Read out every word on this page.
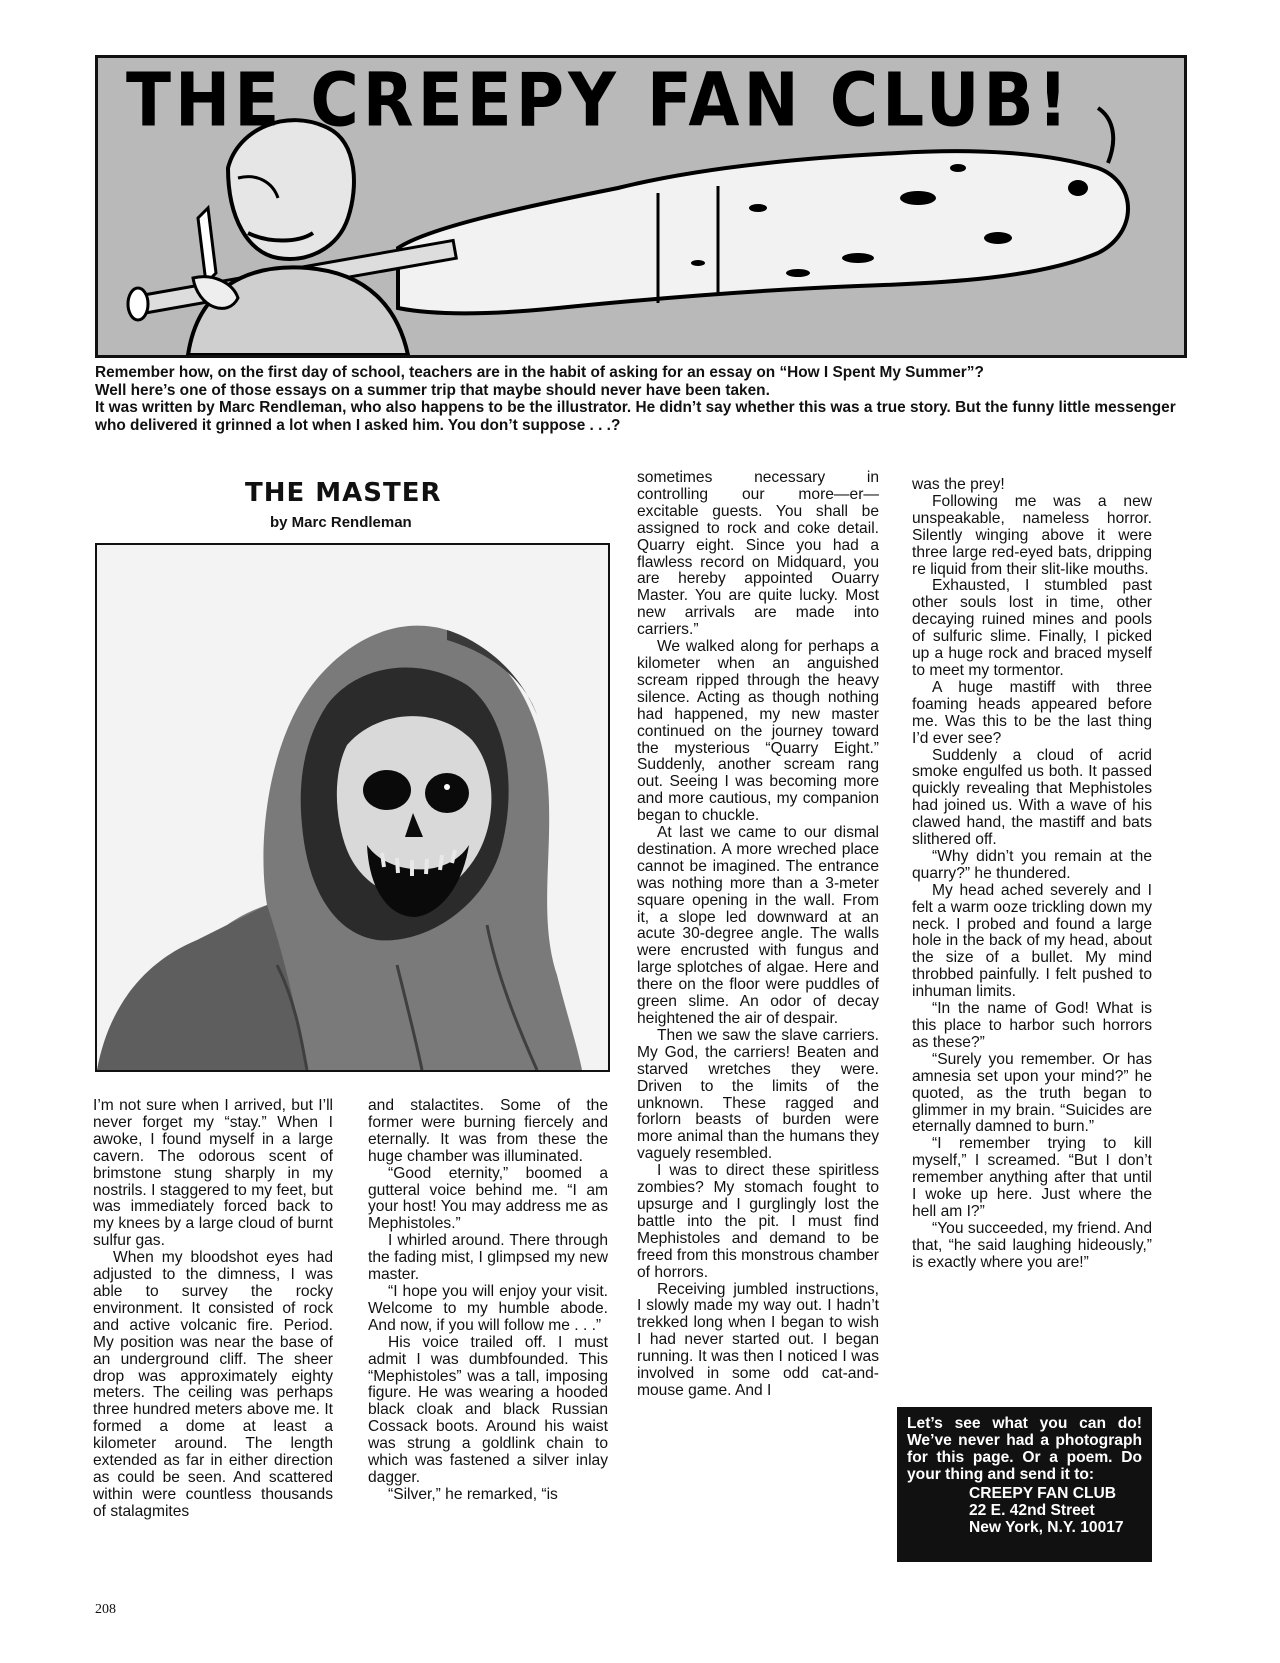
THE CREEPY FAN CLUB!

Remember how, on the first day of school, teachers are in the habit of asking for an essay on “How I Spent My Summer”?

Well here’s one of those essays on a summer trip that maybe should never have been taken.

It was written by Marc Rendleman, who also happens to be the illustrator. He didn’t say whether this was a true story. But the funny little messenger who delivered it grinned a lot when I asked him. You don’t suppose . . .?

THE MASTER

by Marc Rendleman

I’m not sure when I arrived, but I’ll never forget my “stay.” When I awoke, I found myself in a large cavern. The odorous scent of brimstone stung sharply in my nostrils. I staggered to my feet, but was immediately forced back to my knees by a large cloud of burnt sulfur gas.

When my bloodshot eyes had adjusted to the dimness, I was able to survey the rocky environment. It consisted of rock and active volcanic fire. Period. My position was near the base of an underground cliff. The sheer drop was approximately eighty meters. The ceiling was perhaps three hundred meters above me. It formed a dome at least a kilometer around. The length extended as far in either direction as could be seen. And scattered within were countless thousands of stalagmites

and stalactites. Some of the former were burning fiercely and eternally. It was from these the huge chamber was illuminated.

“Good eternity,” boomed a gutteral voice behind me. “I am your host! You may address me as Mephistoles.”

I whirled around. There through the fading mist, I glimpsed my new master.

“I hope you will enjoy your visit. Welcome to my humble abode. And now, if you will follow me . . .”

His voice trailed off. I must admit I was dumbfounded. This “Mephistoles” was a tall, imposing figure. He was wearing a hooded black cloak and black Russian Cossack boots. Around his waist was strung a goldlink chain to which was fastened a silver inlay dagger.

“Silver,” he remarked, “is

sometimes necessary in controlling our more—er—excitable guests. You shall be assigned to rock and coke detail. Quarry eight. Since you had a flawless record on Midquard, you are hereby appointed Ouarry Master. You are quite lucky. Most new arrivals are made into carriers.”

We walked along for perhaps a kilometer when an anguished scream ripped through the heavy silence. Acting as though nothing had happened, my new master continued on the journey toward the mysterious “Quarry Eight.” Suddenly, another scream rang out. Seeing I was becoming more and more cautious, my companion began to chuckle.

At last we came to our dismal destination. A more wreched place cannot be imagined. The entrance was nothing more than a 3-meter square opening in the wall. From it, a slope led downward at an acute 30-degree angle. The walls were encrusted with fungus and large splotches of algae. Here and there on the floor were puddles of green slime. An odor of decay heightened the air of despair.

Then we saw the slave carriers. My God, the carriers! Beaten and starved wretches they were. Driven to the limits of the unknown. These ragged and forlorn beasts of burden were more animal than the humans they vaguely resembled.

I was to direct these spiritless zombies? My stomach fought to upsurge and I gurglingly lost the battle into the pit. I must find Mephistoles and demand to be freed from this monstrous chamber of horrors.

Receiving jumbled instructions, I slowly made my way out. I hadn’t trekked long when I began to wish I had never started out. I began running. It was then I noticed I was involved in some odd cat-and-mouse game. And I

was the prey!

Following me was a new unspeakable, nameless horror. Silently winging above it were three large red-eyed bats, dripping re liquid from their slit-like mouths.

Exhausted, I stumbled past other souls lost in time, other decaying ruined mines and pools of sulfuric slime. Finally, I picked up a huge rock and braced myself to meet my tormentor.

A huge mastiff with three foaming heads appeared before me. Was this to be the last thing I’d ever see?

Suddenly a cloud of acrid smoke engulfed us both. It passed quickly revealing that Mephistoles had joined us. With a wave of his clawed hand, the mastiff and bats slithered off.

“Why didn’t you remain at the quarry?” he thundered.

My head ached severely and I felt a warm ooze trickling down my neck. I probed and found a large hole in the back of my head, about the size of a bullet. My mind throbbed painfully. I felt pushed to inhuman limits.

“In the name of God! What is this place to harbor such horrors as these?”

“Surely you remember. Or has amnesia set upon your mind?” he quoted, as the truth began to glimmer in my brain. “Suicides are eternally damned to burn.”

“I remember trying to kill myself,” I screamed. “But I don’t remember anything after that until I woke up here. Just where the hell am I?”

“You succeeded, my friend. And that, “he said laughing hideously,” is exactly where you are!”

Let’s see what you can do! We’ve never had a photograph for this page. Or a poem. Do your thing and send it to:

CREEPY FAN CLUB
22 E. 42nd Street
New York, N.Y. 10017

208
